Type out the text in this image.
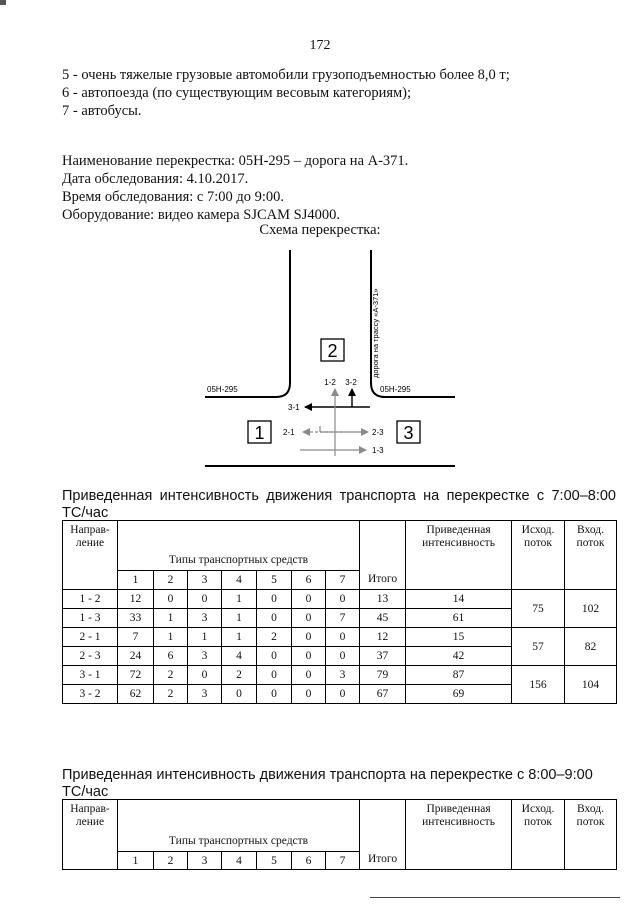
172
5 - очень тяжелые грузовые автомобили грузоподъемностью более 8,0 т;
6 - автопоезда (по существующим весовым категориям);
7 - автобусы.
Наименование перекрестка: 05Н-295 – дорога на А-371.
Дата обследования: 4.10.2017.
Время обследования: с 7:00 до 9:00.
Оборудование: видео камера SJCAM SJ4000.
Схема перекрестка:
05Н-295	05Н-295
дорога на трассу «А-371»
2
1	3
1-2 3-2
3-1
2-1	2-3
1-3
Приведенная интенсивность движения транспорта на перекрестке с 7:00–8:00
ТС/час
Направ-
ление	Типы транспортных средств							Итого	Приведенная интенсивность	Исход. поток	Вход. поток
	1	2	3	4	5	6	7				
1 - 2	12	0	0	1	0	0	0	13	14	75	102
1 - 3	33	1	3	1	0	0	7	45	61		
2 - 1	7	1	1	1	2	0	0	12	15	57	82
2 - 3	24	6	3	4	0	0	0	37	42		
3 - 1	72	2	0	2	0	0	3	79	87	156	104
3 - 2	62	2	3	0	0	0	0	67	69		
Приведенная интенсивность движения транспорта на перекрестке с 8:00–9:00
ТС/час
Направ-
ление	Типы транспортных средств							Итого	Приведенная интенсивность	Исход. поток	Вход. поток
	1	2	3	4	5	6	7				
